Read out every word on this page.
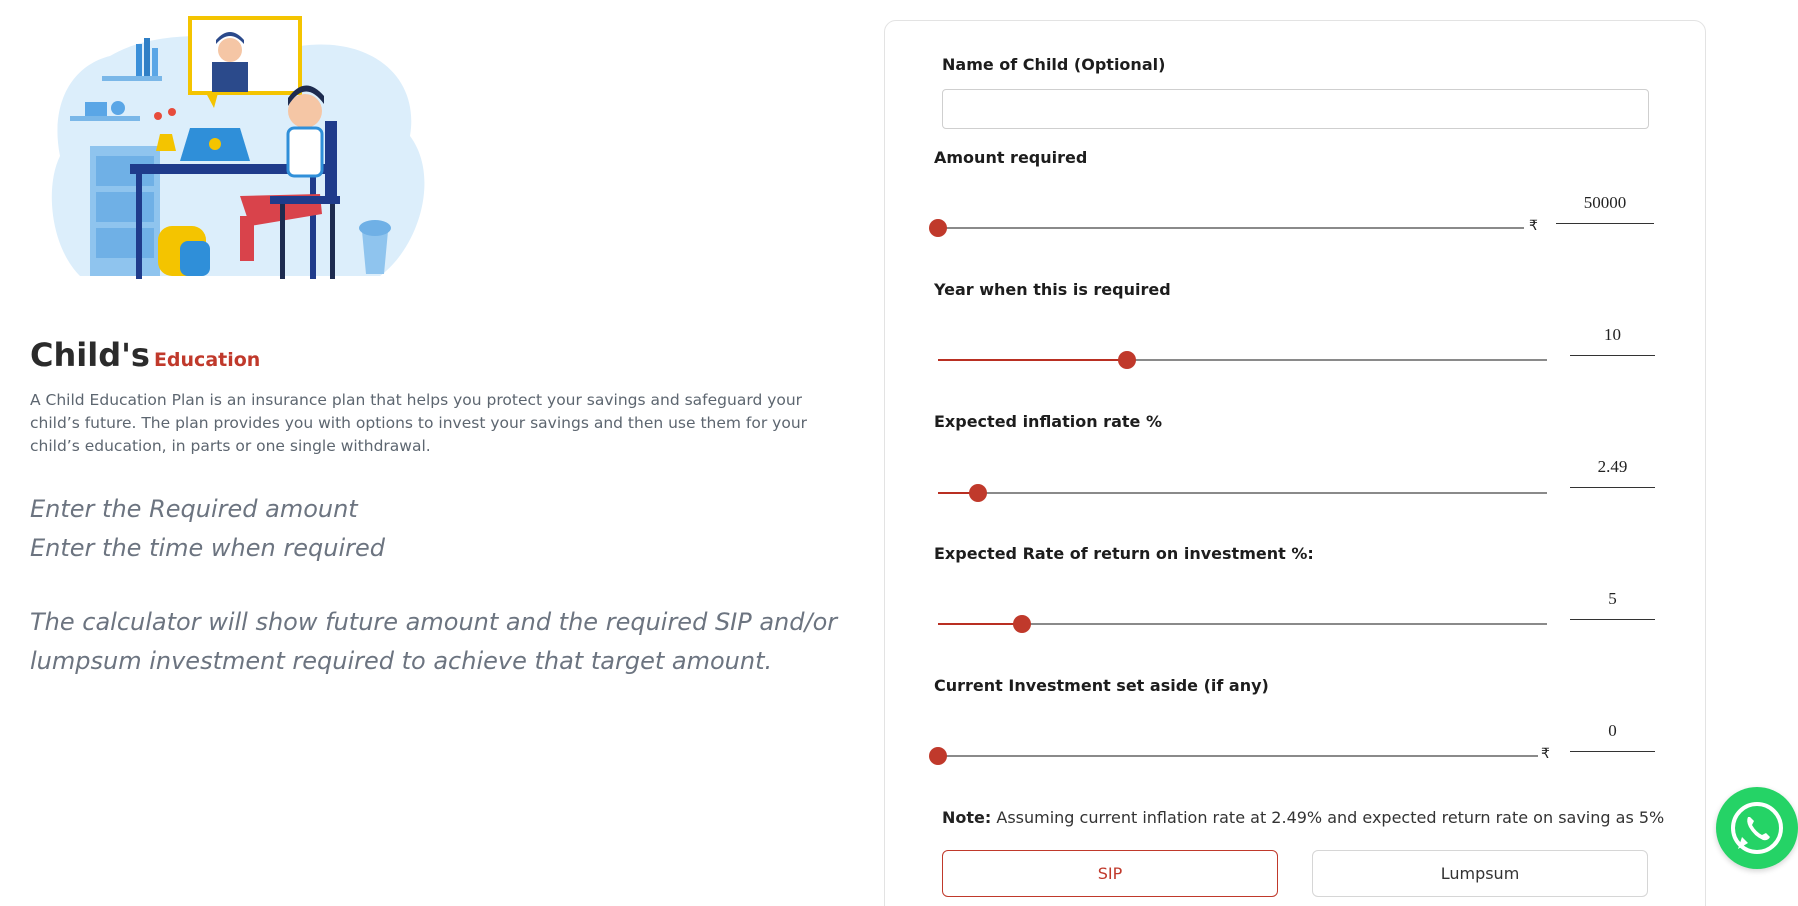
Child's Education
A Child Education Plan is an insurance plan that helps you protect your savings and safeguard your child’s future. The plan provides you with options to invest your savings and then use them for your child’s education, in parts or one single withdrawal.

Enter the Required amount

Enter the time when required

The calculator will show future amount and the required SIP and/or lumpsum investment required to achieve that target amount.

Name of Child (Optional)
Amount required
₹
50000
Year when this is required
10
Expected inflation rate %
2.49
Expected Rate of return on investment %:
5
Current Investment set aside (if any)
₹
0
Note: Assuming current inflation rate at 2.49% and expected return rate on saving as 5%
SIP	Lumpsum
